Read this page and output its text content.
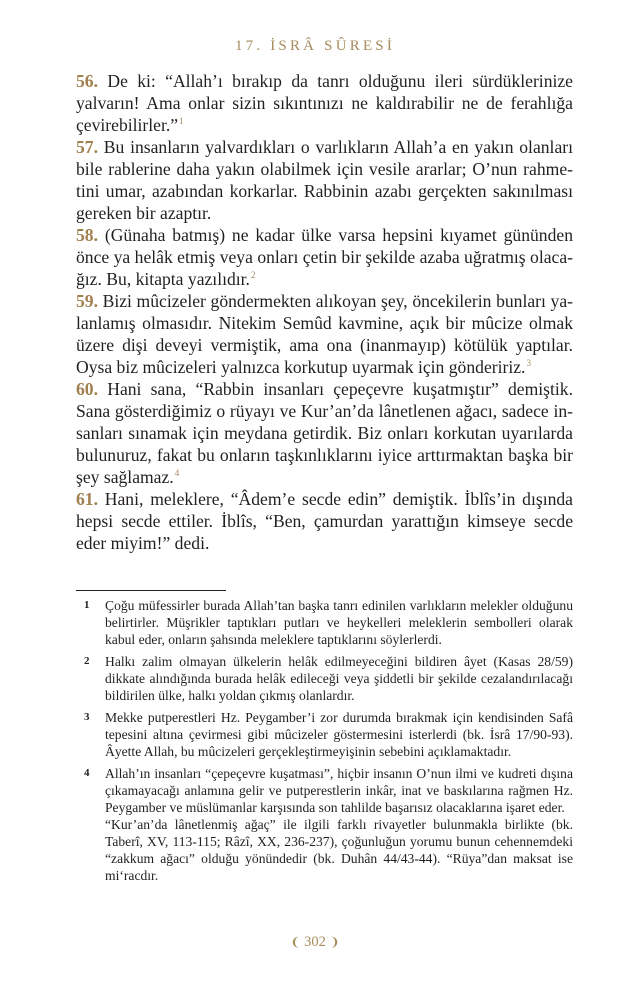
17. İSRÂ SÛRESİ

56. De ki: “Allah’ı bırakıp da tanrı olduğunu ileri sürdüklerinize yalvarın! Ama onlar sizin sıkıntınızı ne kaldırabilir ne de ferahlığa çevirebilirler.”$^1$

57. Bu insanların yalvardıkları o varlıkların Allah’a en yakın olanları bile rablerine daha yakın olabilmek için vesile ararlar; O’nun rahmetini umar, azabından korkarlar. Rabbinin azabı gerçekten sakınılması gereken bir azaptır.

58. (Günaha batmış) ne kadar ülke varsa hepsini kıyamet gününden önce ya helâk etmiş veya onları çetin bir şekilde azaba uğratmış olacağız. Bu, kitapta yazılıdır.$^2$

59. Bizi mûcizeler göndermekten alıkoyan şey, öncekilerin bunları yalanlamış olmasıdır. Nitekim Semûd kavmine, açık bir mûcize olmak üzere dişi deveyi vermiştik, ama ona (inanmayıp) kötülük yaptılar. Oysa biz mûcizeleri yalnızca korkutup uyarmak için göndeririz.$^3$

60. Hani sana, “Rabbin insanları çepeçevre kuşatmıştır” demiştik. Sana gösterdiğimiz o rüyayı ve Kur’an’da lânetlenen ağacı, sadece insanları sınamak için meydana getirdik. Biz onları korkutan uyarılarda bulunuruz, fakat bu onların taşkınlıklarını iyice arttırmaktan başka bir şey sağlamaz.$^4$

61. Hani, meleklere, “Âdem’e secde edin” demiştik. İblîs’in dışında hepsi secde ettiler. İblîs, “Ben, çamurdan yarattığın kimseye secde eder miyim!” dedi.

1	Çoğu müfessirler burada Allah’tan başka tanrı edinilen varlıkların melekler olduğunu belirtirler. Müşrikler taptıkları putları ve heykelleri meleklerin sembolleri olarak kabul eder, onların şahsında meleklere taptıklarını söylerlerdi.

2	Halkı zalim olmayan ülkelerin helâk edilmeyeceğini bildiren âyet (Kasas 28/59) dikkate alındığında burada helâk edileceği veya şiddetli bir şekilde cezalandırılacağı bildirilen ülke, halkı yoldan çıkmış olanlardır.

3	Mekke putperestleri Hz. Peygamber’i zor durumda bırakmak için kendisinden Safâ tepesini altına çevirmesi gibi mûcizeler göstermesini isterlerdi (bk. İsrâ 17/90-93). Âyette Allah, bu mûcizeleri gerçekleştirmeyişinin sebebini açıklamaktadır.

4	Allah’ın insanları “çepeçevre kuşatması”, hiçbir insanın O’nun ilmi ve kudreti dışına çıkamayacağı anlamına gelir ve putperestlerin inkâr, inat ve baskılarına rağmen Hz. Peygamber ve müslümanlar karşısında son tahlilde başarısız olacaklarına işaret eder.

“Kur’an’da lânetlenmiş ağaç” ile ilgili farklı rivayetler bulunmakla birlikte (bk. Taberî, XV, 113-115; Râzî, XX, 236-237), çoğunluğun yorumu bunun cehennemdeki “zakkum ağacı” olduğu yönündedir (bk. Duhân 44/43-44). “Rüya”dan maksat ise mi‘racdır.

❨ 302 ❩
